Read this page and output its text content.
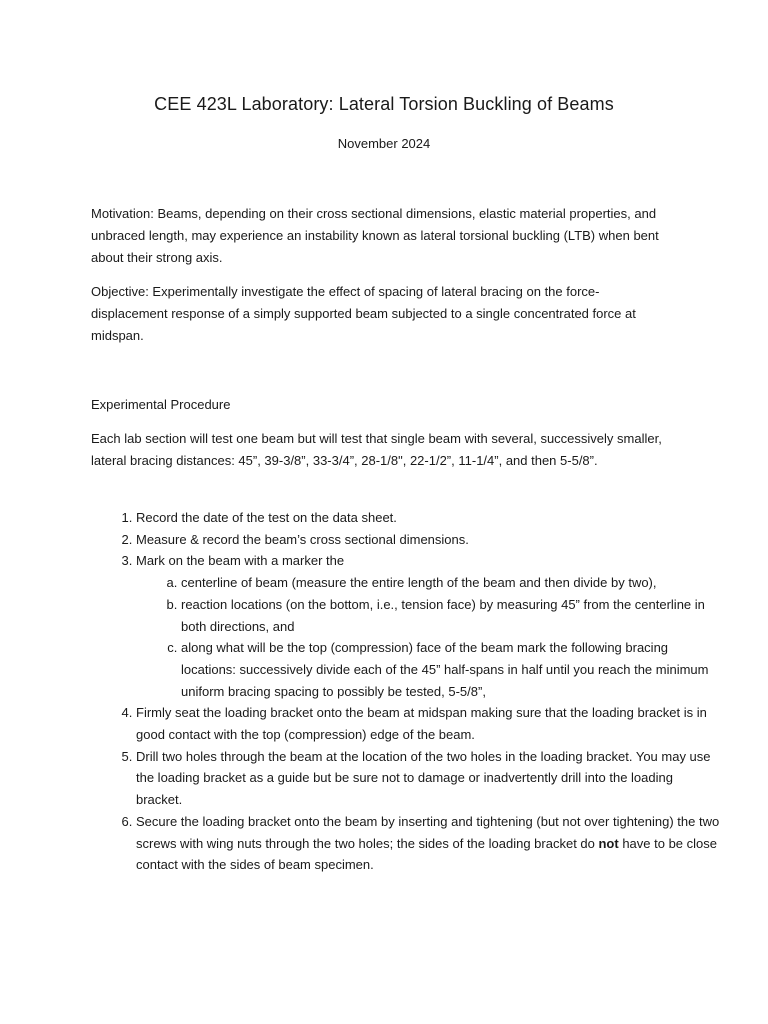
CEE 423L Laboratory: Lateral Torsion Buckling of Beams
November 2024

Motivation: Beams, depending on their cross sectional dimensions, elastic material properties, and unbraced length, may experience an instability known as lateral torsional buckling (LTB) when bent about their strong axis.

Objective: Experimentally investigate the effect of spacing of lateral bracing on the force-displacement response of a simply supported beam subjected to a single concentrated force at midspan.

Experimental Procedure

Each lab section will test one beam but will test that single beam with several, successively smaller, lateral bracing distances: 45”, 39-3/8”, 33-3/4”, 28-1/8", 22-1/2”, 11-1/4”, and then 5-5/8”.

1. Record the date of the test on the data sheet.
2. Measure & record the beam’s cross sectional dimensions.
3. Mark on the beam with a marker the
a. centerline of beam (measure the entire length of the beam and then divide by two),
b. reaction locations (on the bottom, i.e., tension face) by measuring 45” from the centerline in both directions, and
c. along what will be the top (compression) face of the beam mark the following bracing locations: successively divide each of the 45” half-spans in half until you reach the minimum uniform bracing spacing to possibly be tested, 5-5/8”,
4. Firmly seat the loading bracket onto the beam at midspan making sure that the loading bracket is in good contact with the top (compression) edge of the beam.
5. Drill two holes through the beam at the location of the two holes in the loading bracket. You may use the loading bracket as a guide but be sure not to damage or inadvertently drill into the loading bracket.
6. Secure the loading bracket onto the beam by inserting and tightening (but not over tightening) the two screws with wing nuts through the two holes; the sides of the loading bracket do not have to be close contact with the sides of beam specimen.
